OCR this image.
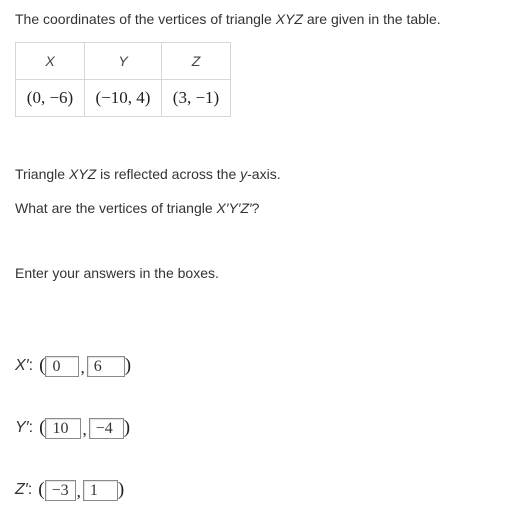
The coordinates of the vertices of triangle XYZ are given in the table.

X	Y	Z
(0, −6)	(−10, 4)	(3, −1)

Triangle XYZ is reflected across the y-axis.

What are the vertices of triangle X′Y′Z′?

Enter your answers in the boxes.

X′ : ( 0	, 6	)
Y′ : ( 10 , −4 )
Z′ : ( −3 , 1	)
